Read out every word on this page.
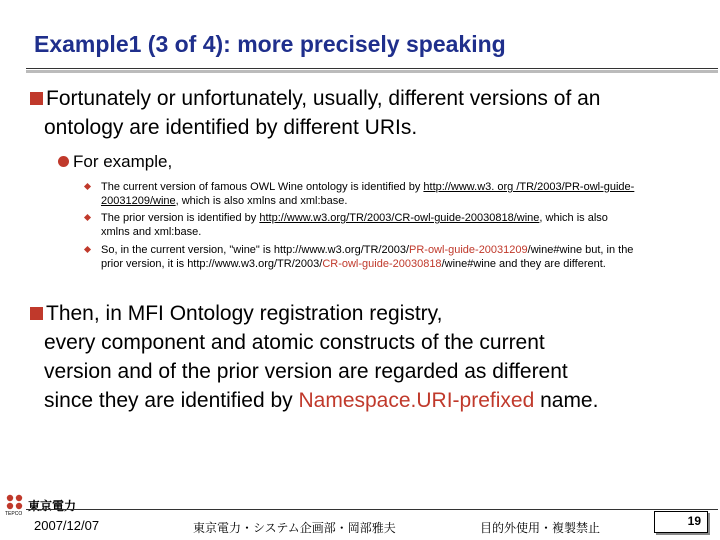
Example1 (3 of 4): more precisely speaking
Fortunately or unfortunately, usually, different versions of an
ontology are identified by different URIs.
For example,
The current version of famous OWL Wine ontology is identified by http://www.w3. org /TR/2003/PR-owl-guide-
20031209/wine, which is also xmlns and xml:base.
The prior version is identified by http://www.w3.org/TR/2003/CR-owl-guide-20030818/wine, which is also
xmlns and xml:base.
So, in the current version, "wine" is http://www.w3.org/TR/2003/PR-owl-guide-20031209/wine#wine but, in the
prior version, it is http://www.w3.org/TR/2003/CR-owl-guide-20030818/wine#wine and they are different.
Then, in MFI Ontology registration registry,
every component and atomic constructs of the current
version and of the prior version are regarded as different
since they are identified by Namespace.URI-prefixed name.
TEPCO
東京電力
2007/12/07	東京電力・システム企画部・岡部雅夫	目的外使用・複製禁止	19
